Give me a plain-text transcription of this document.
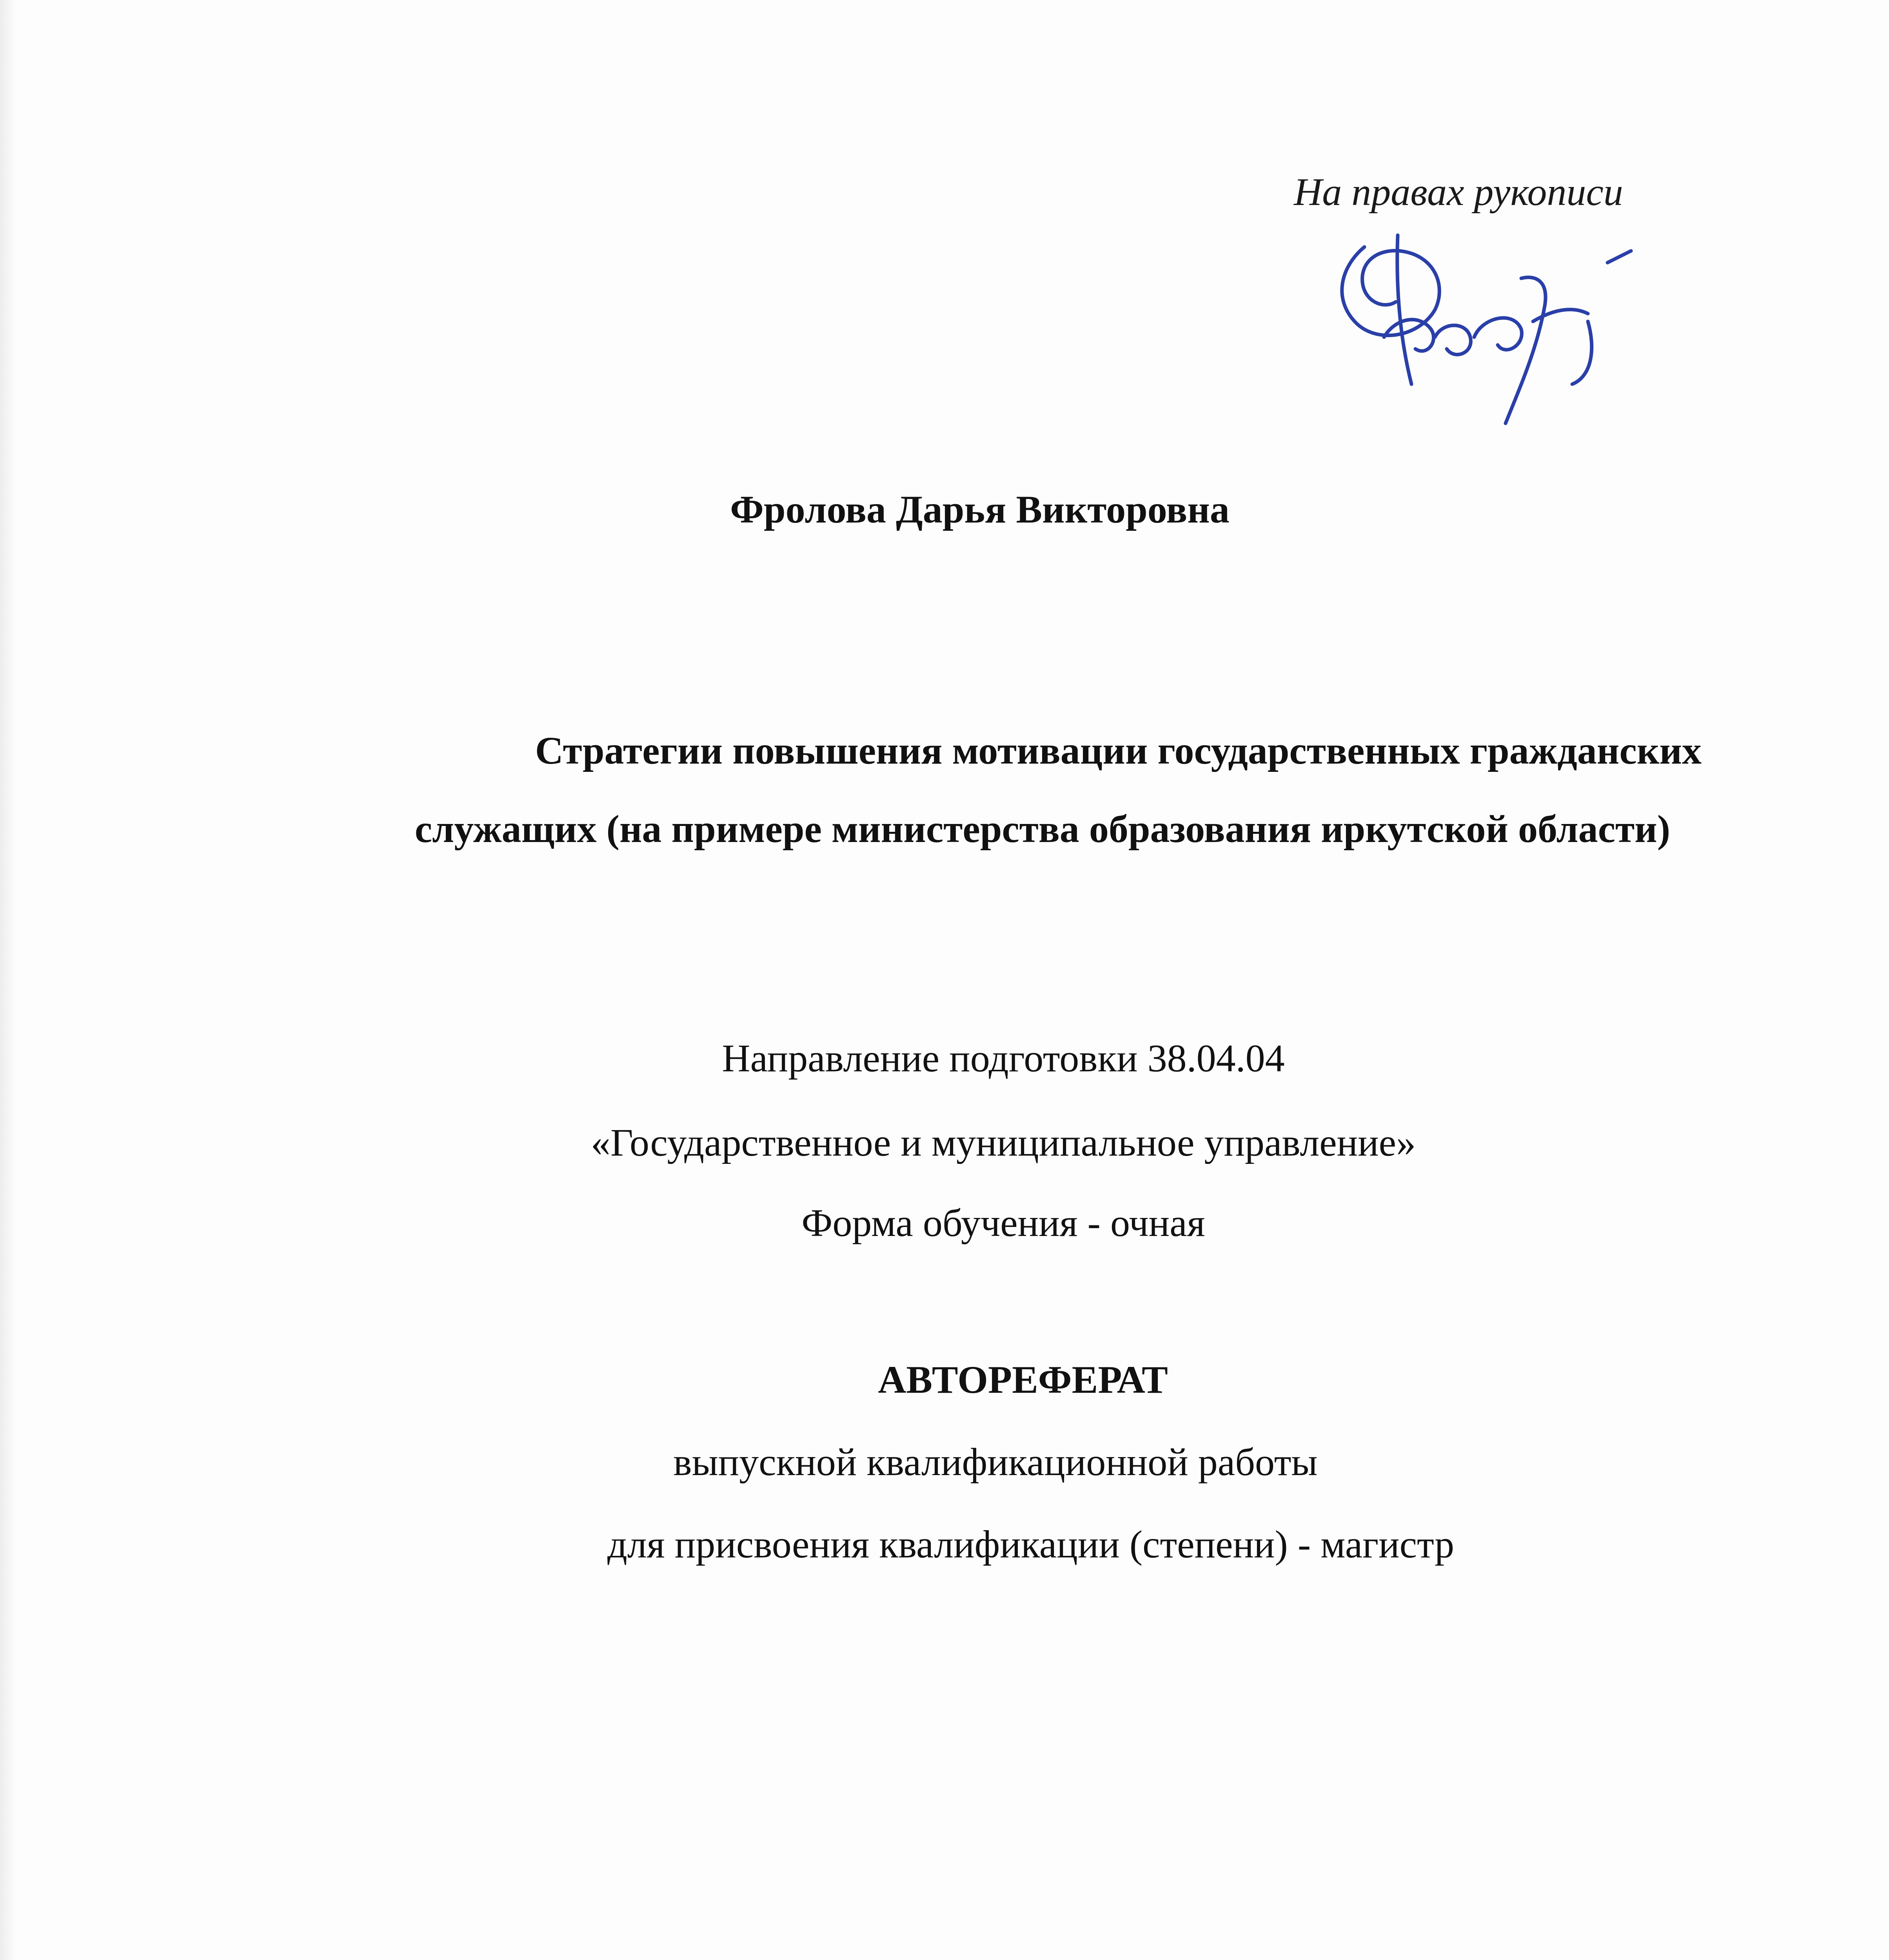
На правах рукописи
Фролова Дарья Викторовна
Стратегии повышения мотивации государственных гражданских
служащих (на примере министерства образования иркутской области)
Направление подготовки 38.04.04
«Государственное и муниципальное управление»
Форма обучения - очная
АВТОРЕФЕРАТ
выпускной квалификационной работы
для присвоения квалификации (степени) - магистр
